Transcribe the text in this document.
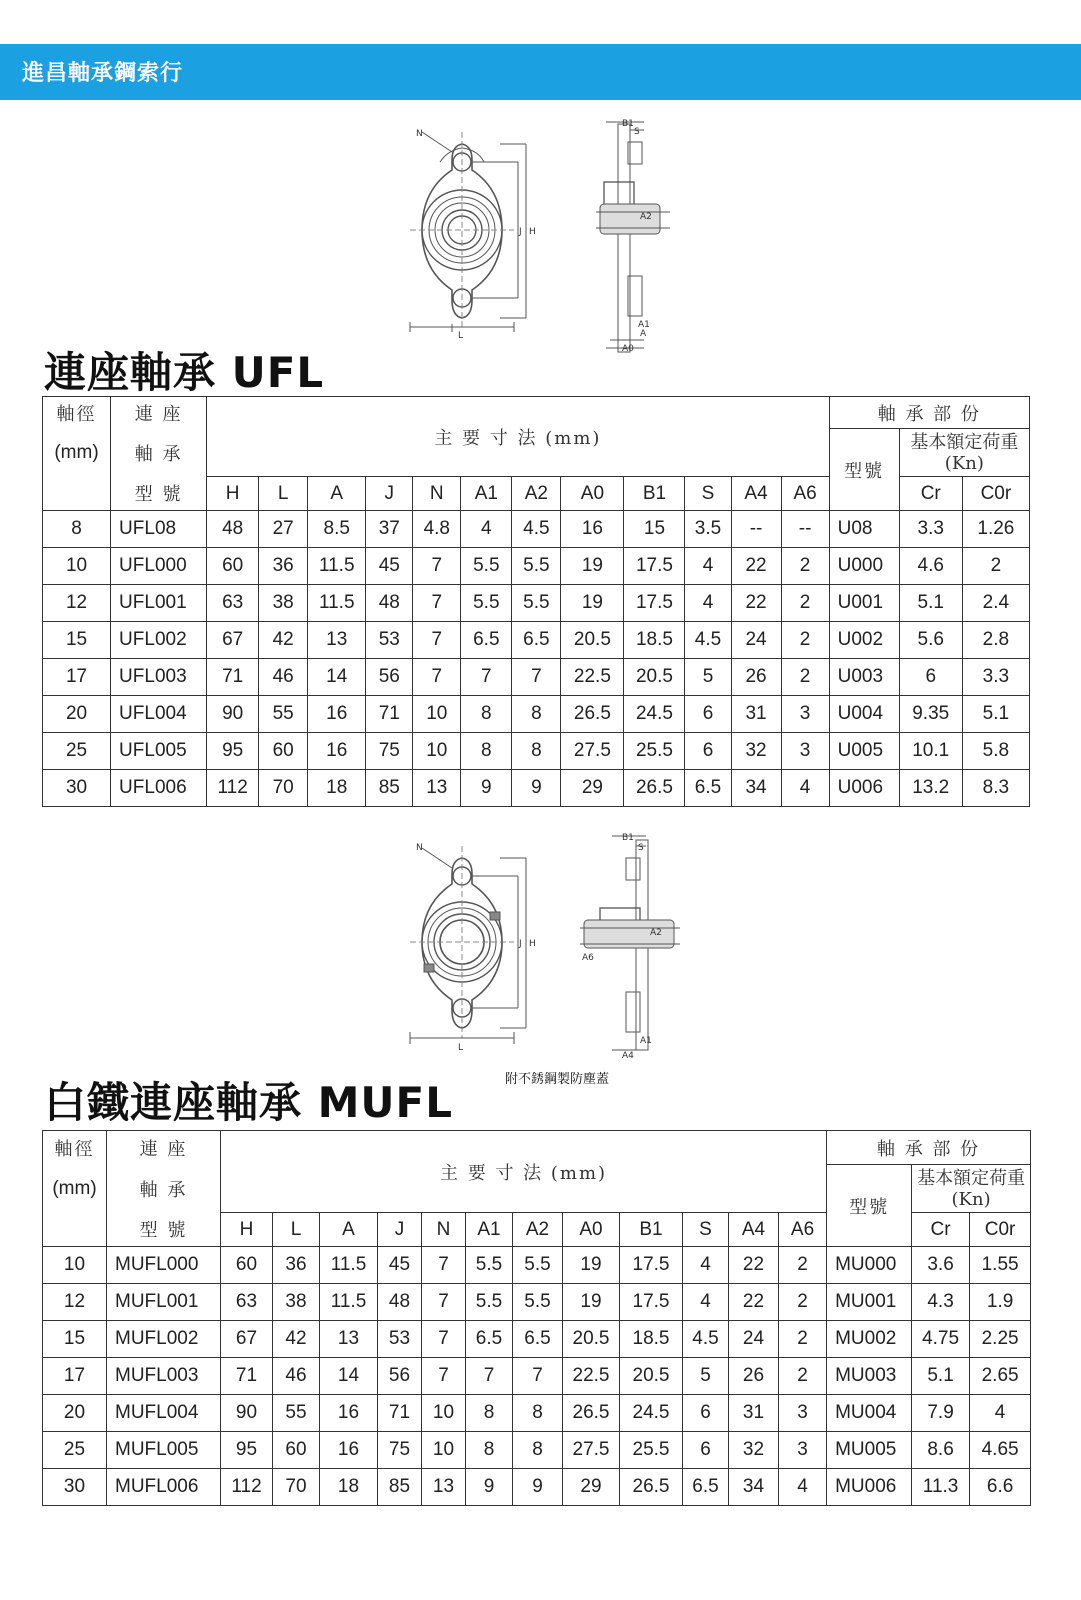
進昌軸承鋼索行
N
J H
L
B1
S
A2
A1
A
A0
連座軸承 UFL
軸徑	連 座	主 要 寸 法 (mm)												軸 承 部 份		
(mm)	軸 承													型號	基本額定荷重
(Kn)	
	型 號	H	L	A	J	N	A1	A2	A0	B1	S	A4	A6		Cr	C0r
8	UFL08	48	27	8.5	37	4.8	4	4.5	16	15	3.5	--	--	U08	3.3	1.26
10	UFL000	60	36	11.5	45	7	5.5	5.5	19	17.5	4	22	2	U000	4.6	2
12	UFL001	63	38	11.5	48	7	5.5	5.5	19	17.5	4	22	2	U001	5.1	2.4
15	UFL002	67	42	13	53	7	6.5	6.5	20.5	18.5	4.5	24	2	U002	5.6	2.8
17	UFL003	71	46	14	56	7	7	7	22.5	20.5	5	26	2	U003	6	3.3
20	UFL004	90	55	16	71	10	8	8	26.5	24.5	6	31	3	U004	9.35	5.1
25	UFL005	95	60	16	75	10	8	8	27.5	25.5	6	32	3	U005	10.1	5.8
30	UFL006	112	70	18	85	13	9	9	29	26.5	6.5	34	4	U006	13.2	8.3
N
J H
L
B1
S
A2
A6
A1
A4
附不銹鋼製防塵蓋
白鐵連座軸承 MUFL
軸徑	連 座	主 要 寸 法 (mm)												軸 承 部 份		
(mm)	軸 承													型號	基本額定荷重
(Kn)	
	型 號	H	L	A	J	N	A1	A2	A0	B1	S	A4	A6		Cr	C0r
10	MUFL000	60	36	11.5	45	7	5.5	5.5	19	17.5	4	22	2	MU000	3.6	1.55
12	MUFL001	63	38	11.5	48	7	5.5	5.5	19	17.5	4	22	2	MU001	4.3	1.9
15	MUFL002	67	42	13	53	7	6.5	6.5	20.5	18.5	4.5	24	2	MU002	4.75	2.25
17	MUFL003	71	46	14	56	7	7	7	22.5	20.5	5	26	2	MU003	5.1	2.65
20	MUFL004	90	55	16	71	10	8	8	26.5	24.5	6	31	3	MU004	7.9	4
25	MUFL005	95	60	16	75	10	8	8	27.5	25.5	6	32	3	MU005	8.6	4.65
30	MUFL006	112	70	18	85	13	9	9	29	26.5	6.5	34	4	MU006	11.3	6.6
